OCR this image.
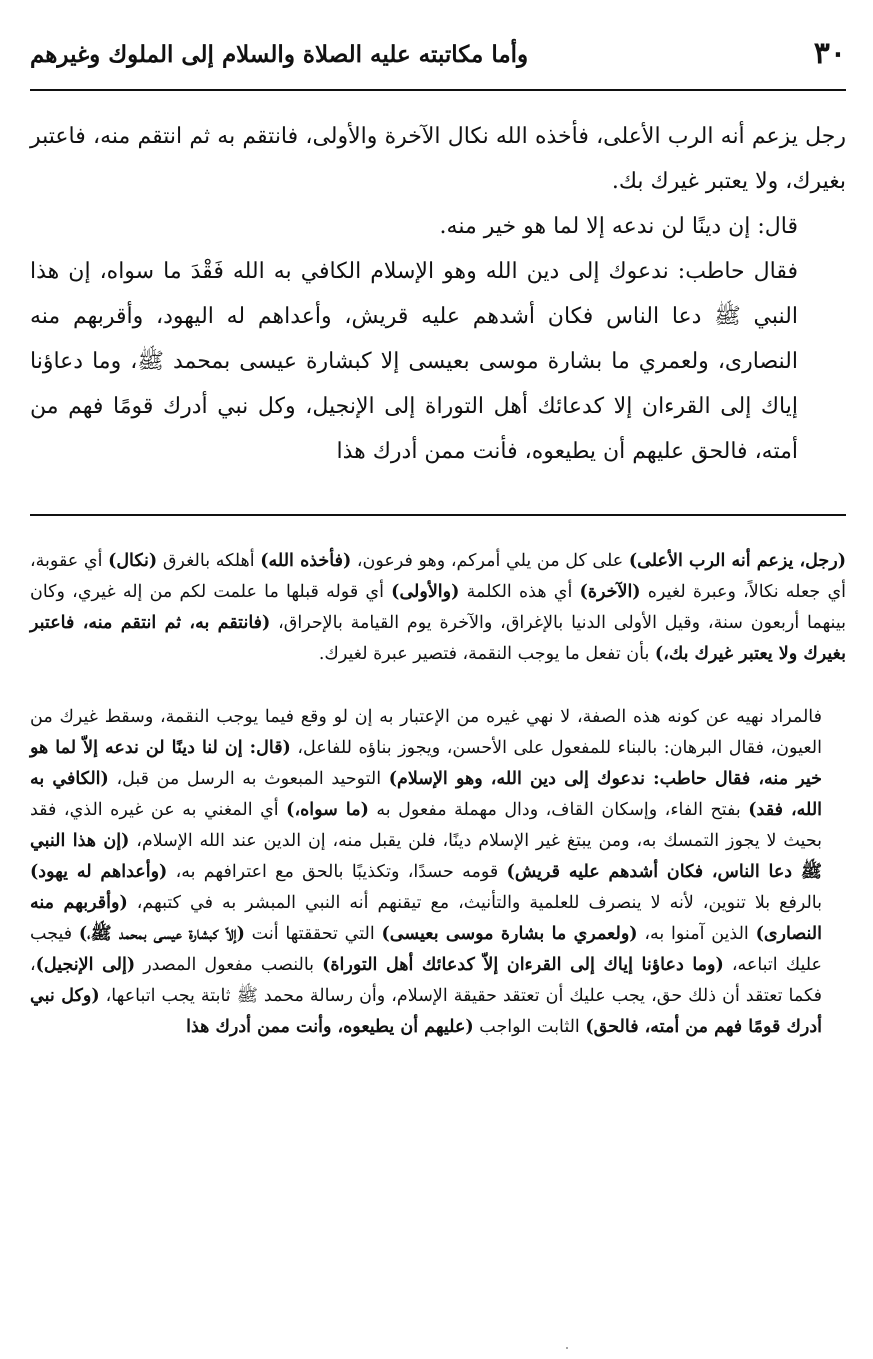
٣٠
وأما مكاتبته عليه الصلاة والسلام إلى الملوك وغيرهم

رجل يزعم أنه الرب الأعلى، فأخذه الله نكال الآخرة والأولى، فانتقم به ثم انتقم منه، فاعتبر بغيرك، ولا يعتبر غيرك بك.

قال: إن دينًا لن ندعه إلا لما هو خير منه.

فقال حاطب: ندعوك إلى دين الله وهو الإسلام الكافي به الله فَقْدَ ما سواه، إن هذا النبي ﷺ دعا الناس فكان أشدهم عليه قريش، وأعداهم له اليهود، وأقربهم منه النصارى، ولعمري ما بشارة موسى بعيسى إلا كبشارة عيسى بمحمد ﷺ، وما دعاؤنا إياك إلى القرءان إلا كدعائك أهل التوراة إلى الإنجيل، وكل نبي أدرك قومًا فهم من أمته، فالحق عليهم أن يطيعوه، فأنت ممن أدرك هذا

(رجل، يزعم أنه الرب الأعلى) على كل من يلي أمركم، وهو فرعون، (فأخذه الله) أهلكه بالغرق (نكال) أي عقوبة، أي جعله نكالاً، وعبرة لغيره (الآخرة) أي هذه الكلمة (والأولى) أي قوله قبلها ما علمت لكم من إله غيري، وكان بينهما أربعون سنة، وقيل الأولى الدنيا بالإغراق، والآخرة يوم القيامة بالإحراق، (فانتقم به، ثم انتقم منه، فاعتبر بغيرك ولا يعتبر غيرك بك،) بأن تفعل ما يوجب النقمة، فتصير عبرة لغيرك.

فالمراد نهيه عن كونه هذه الصفة، لا نهي غيره من الإعتبار به إن لو وقع فيما يوجب النقمة، وسقط غيرك من العيون، فقال البرهان: بالبناء للمفعول على الأحسن، ويجوز بناؤه للفاعل، (قال: إن لنا دينًا لن ندعه إلاّ لما هو خير منه، فقال حاطب: ندعوك إلى دين الله، وهو الإسلام) التوحيد المبعوث به الرسل من قبل، (الكافي به الله، فقد) بفتح الفاء، وإسكان القاف، ودال مهملة مفعول به (ما سواه،) أي المغني به عن غيره الذي، فقد بحيث لا يجوز التمسك به، ومن يبتغ غير الإسلام دينًا، فلن يقبل منه، إن الدين عند الله الإسلام، (إن هذا النبي ﷺ دعا الناس، فكان أشدهم عليه قريش) قومه حسدًا، وتكذيبًا بالحق مع اعترافهم به، (وأعداهم له يهود) بالرفع بلا تنوين، لأنه لا ينصرف للعلمية والتأنيث، مع تيقنهم أنه النبي المبشر به في كتبهم، (وأقربهم منه النصارى) الذين آمنوا به، (ولعمري ما بشارة موسى بعيسى) التي تحققتها أنت (إلاّ كبشارة عيسى بمحمد ﷺ،) فيجب عليك اتباعه، (وما دعاؤنا إياك إلى القرءان إلاّ كدعائك أهل التوراة) بالنصب مفعول المصدر (إلى الإنجيل)، فكما تعتقد أن ذلك حق، يجب عليك أن تعتقد حقيقة الإسلام، وأن رسالة محمد ﷺ ثابتة يجب اتباعها، (وكل نبي أدرك قومًا فهم من أمته، فالحق) الثابت الواجب (عليهم أن يطيعوه، وأنت ممن أدرك هذا
